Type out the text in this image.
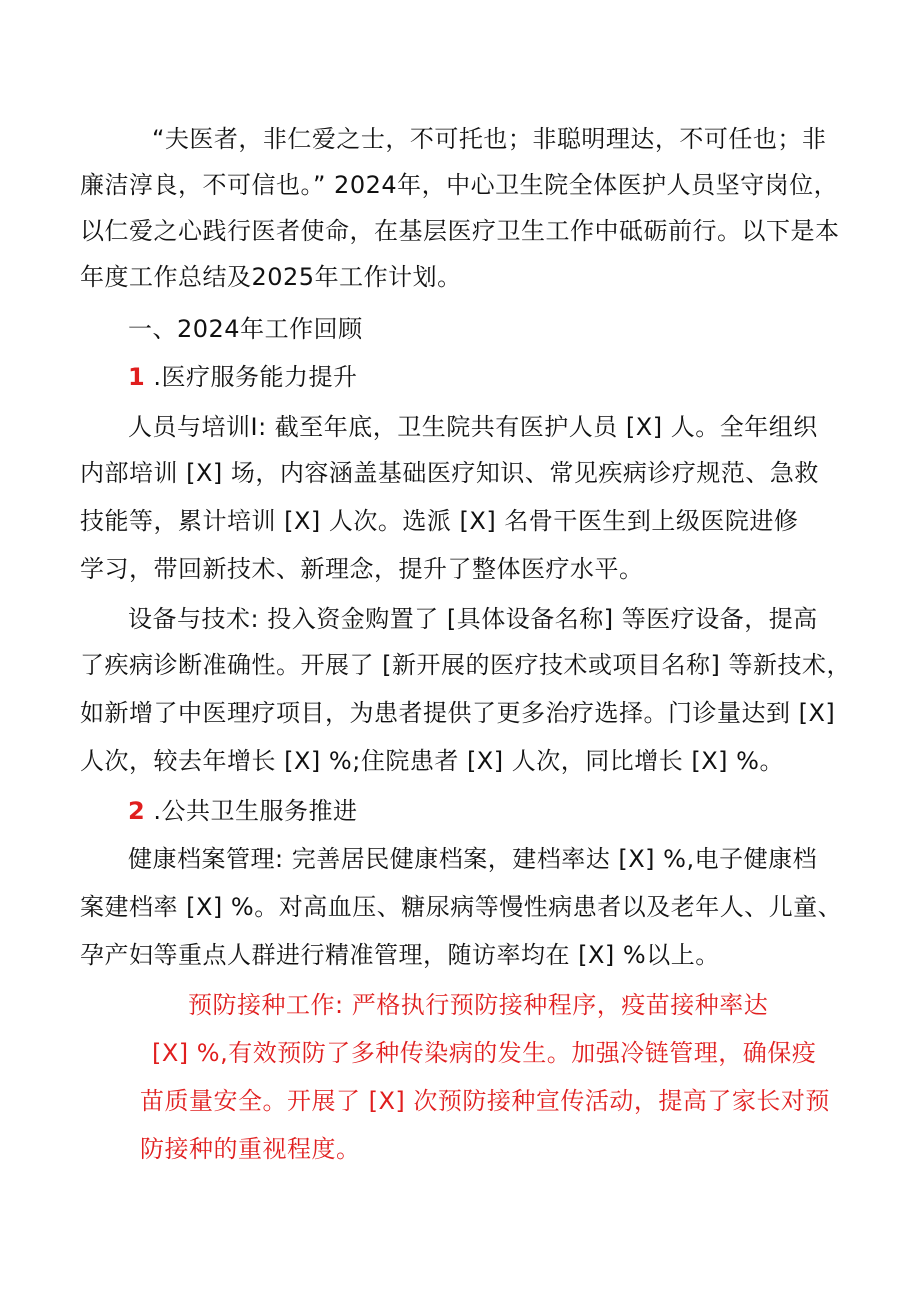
“夫医者，非仁爱之士，不可托也；非聪明理达，不可任也；非
廉洁淳良，不可信也。” 2024年，中心卫生院全体医护人员坚守岗位，
以仁爱之心践行医者使命，在基层医疗卫生工作中砥砺前行。以下是本
年度工作总结及2025年工作计划。
一、2024年工作回顾
1 .医疗服务能力提升
人员与培训I: 截至年底，卫生院共有医护人员 [X] 人。全年组织
内部培训 [X] 场，内容涵盖基础医疗知识、常见疾病诊疗规范、急救
技能等，累计培训 [X] 人次。选派 [X] 名骨干医生到上级医院进修
学习，带回新技术、新理念，提升了整体医疗水平。
设备与技术: 投入资金购置了 [具体设备名称] 等医疗设备，提高
了疾病诊断准确性。开展了 [新开展的医疗技术或项目名称] 等新技术，
如新增了中医理疗项目，为患者提供了更多治疗选择。门诊量达到 [X]
人次，较去年增长 [X] %;住院患者 [X] 人次，同比增长 [X] %。
2 .公共卫生服务推进
健康档案管理: 完善居民健康档案，建档率达 [X] %,电子健康档
案建档率 [X] %。对高血压、糖尿病等慢性病患者以及老年人、儿童、
孕产妇等重点人群进行精准管理，随访率均在 [X] %以上。
预防接种工作: 严格执行预防接种程序，疫苗接种率达
[X] %,有效预防了多种传染病的发生。加强冷链管理，确保疫
苗质量安全。开展了 [X] 次预防接种宣传活动，提高了家长对预
防接种的重视程度。
